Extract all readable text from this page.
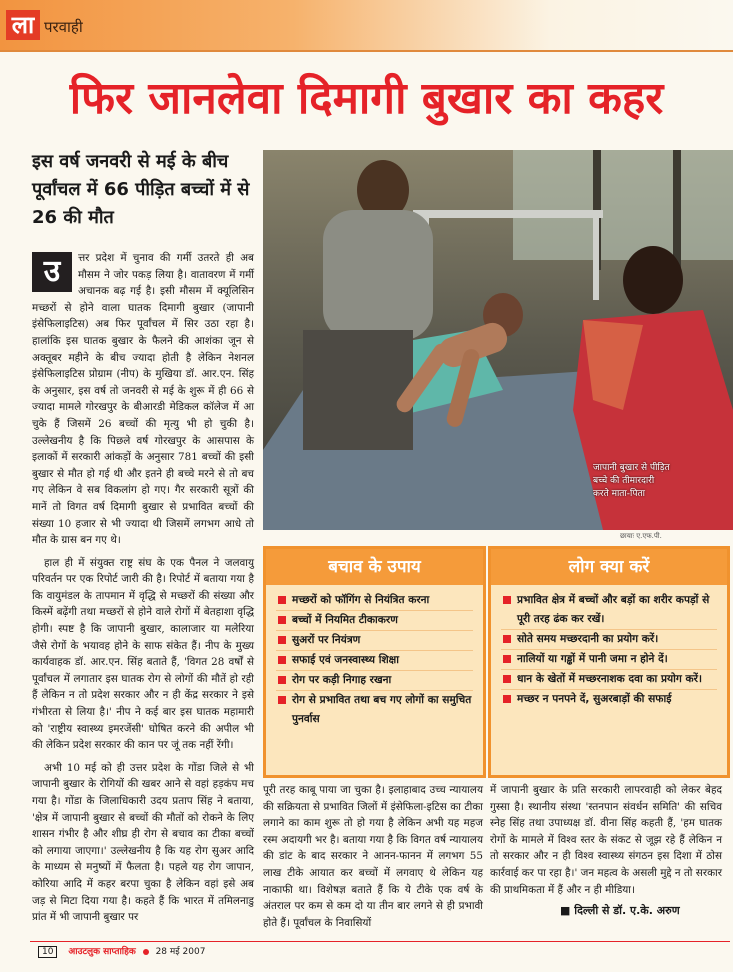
ला परवाही
फिर जानलेवा दिमागी बुखार का कहर
इस वर्ष जनवरी से मई के बीच पूर्वांचल में 66 पीड़ित बच्चों में से 26 की मौत

उ	त्तर प्रदेश में चुनाव की गर्मी उतरते ही अब मौसम ने जोर पकड़ लिया है। वातावरण में गर्मी अचानक बढ़ गई है। इसी मौसम में क्यूलिसिन मच्छरों से होने वाला घातक दिमागी बुखार (जापानी इंसेफिलाइटिस) अब फिर पूर्वांचल में सिर उठा रहा है। हालांकि इस घातक बुखार के फैलने की आशंका जून से अक्तूबर महीने के बीच ज्यादा होती है लेकिन नेशनल इंसेफिलाइटिस प्रोग्राम (नीप) के मुखिया डॉ. आर.एन. सिंह के अनुसार, इस वर्ष तो जनवरी से मई के शुरू में ही 66 से ज्यादा मामले गोरखपुर के बीआरडी मेडिकल कॉलेज में आ चुके हैं जिसमें 26 बच्चों की मृत्यु भी हो चुकी है। उल्लेखनीय है कि पिछले वर्ष गोरखपुर के आसपास के इलाकों में सरकारी आंकड़ों के अनुसार 781 बच्चों की इसी बुखार से मौत हो गई थी और इतने ही बच्चे मरने से तो बच गए लेकिन वे सब विकलांग हो गए। गैर सरकारी सूत्रों की मानें तो विगत वर्ष दिमागी बुखार से प्रभावित बच्चों की संख्या 10 हजार से भी ज्यादा थी जिसमें लगभग आधे तो मौत के ग्रास बन गए थे।

हाल ही में संयुक्त राष्ट्र संघ के एक पैनल ने जलवायु परिवर्तन पर एक रिपोर्ट जारी की है। रिपोर्ट में बताया गया है कि वायुमंडल के तापमान में वृद्धि से मच्छरों की संख्या और किस्में बढ़ेंगी तथा मच्छरों से होने वाले रोगों में बेतहाशा वृद्धि होगी। स्पष्ट है कि जापानी बुखार, कालाजार या मलेरिया जैसे रोगों के भयावह होने के साफ संकेत हैं। नीप के मुख्य कार्यवाहक डॉ. आर.एन. सिंह बताते हैं, 'विगत 28 वर्षों से पूर्वांचल में लगातार इस घातक रोग से लोगों की मौतें हो रही हैं लेकिन न तो प्रदेश सरकार और न ही केंद्र सरकार ने इसे गंभीरता से लिया है।' नीप ने कई बार इस घातक महामारी को 'राष्ट्रीय स्वास्थ्य इमरजेंसी' घोषित करने की अपील भी की लेकिन प्रदेश सरकार की कान पर जूं तक नहीं रेंगी।

अभी 10 मई को ही उत्तर प्रदेश के गोंडा जिले से भी जापानी बुखार के रोगियों की खबर आने से वहां हड़कंप मच गया है। गोंडा के जिलाधिकारी उदय प्रताप सिंह ने बताया, 'क्षेत्र में जापानी बुखार से बच्चों की मौतों को रोकने के लिए शासन गंभीर है और शीघ्र ही रोग से बचाव का टीका बच्चों को लगाया जाएगा।' उल्लेखनीय है कि यह रोग सुअर आदि के माध्यम से मनुष्यों में फैलता है। पहले यह रोग जापान, कोरिया आदि में कहर बरपा चुका है लेकिन वहां इसे अब जड़ से मिटा दिया गया है। कहते हैं कि भारत में तमिलनाडु प्रांत में भी जापानी बुखार पर

जापानी बुखार से पीड़ित
बच्चे की तीमारदारी
करते माता-पिता
छायाः ए.एफ.पी.
बचाव के उपाय
मच्छरों को फॉगिंग से नियंत्रित करना
बच्चों में नियमित टीकाकरण
सुअरों पर नियंत्रण
सफाई एवं जनस्वास्थ्य शिक्षा
रोग पर कड़ी निगाह रखना
रोग से प्रभावित तथा बच गए लोगों का समुचित पुनर्वास
लोग क्या करें
प्रभावित क्षेत्र में बच्चों और बड़ों का शरीर कपड़ों से पूरी तरह ढंक कर रखें।
सोते समय मच्छरदानी का प्रयोग करें।
नालियों या गड्ढों में पानी जमा न होने दें।
धान के खेतों में मच्छरनाशक दवा का प्रयोग करें।
मच्छर न पनपने दें, सुअरबाड़ों की सफाई

पूरी तरह काबू पाया जा चुका है। इलाहाबाद उच्च न्यायालय की सक्रियता से प्रभावित जिलों में इंसेफिला-इटिस का टीका लगाने का काम शुरू तो हो गया है लेकिन अभी यह महज रस्म अदायगी भर है। बताया गया है कि विगत वर्ष न्यायालय की डांट के बाद सरकार ने आनन-फानन में लगभग 55 लाख टीके आयात कर बच्चों में लगवाए थे लेकिन यह नाकाफी था। विशेषज्ञ बताते हैं कि ये टीके एक वर्ष के अंतराल पर कम से कम दो या तीन बार लगने से ही प्रभावी होते हैं। पूर्वांचल के निवासियों

में जापानी बुखार के प्रति सरकारी लापरवाही को लेकर बेहद गुस्सा है। स्थानीय संस्था 'स्तनपान संवर्धन समिति' की सचिव स्नेह सिंह तथा उपाध्यक्ष डॉ. वीना सिंह कहती हैं, 'हम घातक रोगों के मामले में विश्व स्तर के संकट से जूझ रहे हैं लेकिन न तो सरकार और न ही विश्व स्वास्थ्य संगठन इस दिशा में ठोस कार्रवाई कर पा रहा है।' जन महत्व के असली मुद्दे न तो सरकार की प्राथमिकता में हैं और न ही मीडिया।

■ दिल्ली से डॉ. ए.के. अरुण
10 आउटलुक साप्ताहिक 28 मई 2007
